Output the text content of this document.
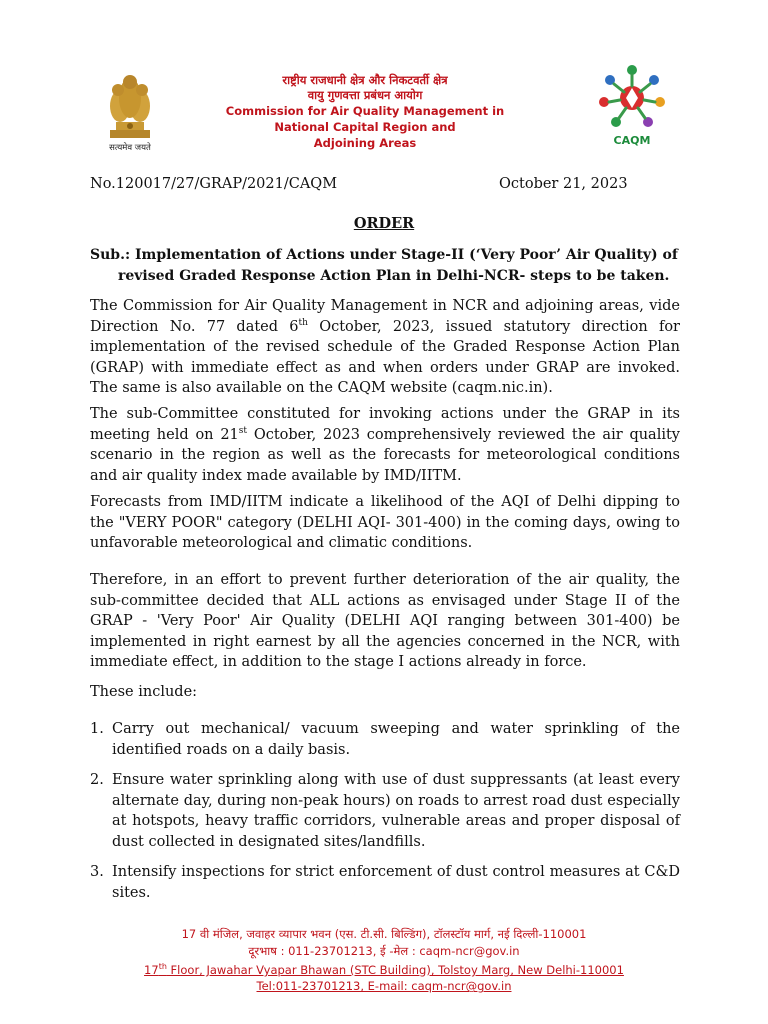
सत्यमेव जयते
राष्ट्रीय राजधानी क्षेत्र और निकटवर्ती क्षेत्र
वायु गुणवत्ता प्रबंधन आयोग
Commission for Air Quality Management in
National Capital Region and
Adjoining Areas	CAQM
No.120017/27/GRAP/2021/CAQM	October 21, 2023
ORDER
Sub.: Implementation of Actions under Stage-II (‘Very Poor’ Air Quality) of
revised Graded Response Action Plan in Delhi-NCR- steps to be taken.
The Commission for Air Quality Management in NCR and adjoining areas, vide Direction No. 77 dated 6th October, 2023, issued statutory direction for implementation of the revised schedule of the Graded Response Action Plan (GRAP) with immediate effect as and when orders under GRAP are invoked. The same is also available on the CAQM website (caqm.nic.in).
The sub-Committee constituted for invoking actions under the GRAP in its meeting held on 21st October, 2023 comprehensively reviewed the air quality scenario in the region as well as the forecasts for meteorological conditions and air quality index made available by IMD/IITM.
Forecasts from IMD/IITM indicate a likelihood of the AQI of Delhi dipping to the "VERY POOR" category (DELHI AQI- 301-400) in the coming days, owing to unfavorable meteorological and climatic conditions.
Therefore, in an effort to prevent further deterioration of the air quality, the sub-committee decided that ALL actions as envisaged under Stage II of the GRAP - 'Very Poor' Air Quality (DELHI AQI ranging between 301-400) be implemented in right earnest by all the agencies concerned in the NCR, with immediate effect, in addition to the stage I actions already in force.
These include:
1. Carry out mechanical/ vacuum sweeping and water sprinkling of the identified roads on a daily basis.
2. Ensure water sprinkling along with use of dust suppressants (at least every alternate day, during non-peak hours) on roads to arrest road dust especially at hotspots, heavy traffic corridors, vulnerable areas and proper disposal of dust collected in designated sites/landfills.
3. Intensify inspections for strict enforcement of dust control measures at C&D sites.
17 वी मंजिल, जवाहर व्यापार भवन (एस. टी.सी. बिल्डिंग), टॉलस्टॉय मार्ग, नई दिल्ली-110001
दूरभाष : 011-23701213, ई -मेल : caqm-ncr@gov.in
17th Floor, Jawahar Vyapar Bhawan (STC Building), Tolstoy Marg, New Delhi-110001
Tel:011-23701213, E-mail: caqm-ncr@gov.in
